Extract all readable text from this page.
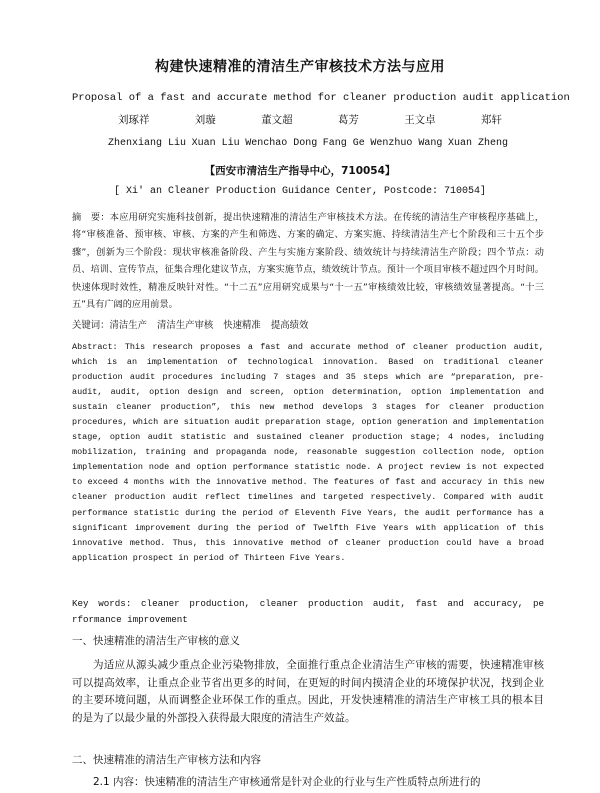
构建快速精准的清洁生产审核技术方法与应用
Proposal of a fast and accurate method for cleaner production audit application
刘琢祥	刘璇	董文超	葛芳	王文卓	郑轩
Zhenxiang Liu Xuan Liu Wenchao Dong Fang Ge Wenzhuo Wang Xuan Zheng
【西安市清洁生产指导中心，710054】
[ Xi' an Cleaner Production Guidance Center, Postcode: 710054]

摘　要：本应用研究实施科技创新，提出快速精准的清洁生产审核技术方法。在传统的清洁生产审核程序基础上，将“审核准备、预审核、审核、方案的产生和筛选、方案的确定、方案实施、持续清洁生产七个阶段和三十五个步骤”，创新为三个阶段：现状审核准备阶段、产生与实施方案阶段、绩效统计与持续清洁生产阶段；四个节点：动员、培训、宣传节点，征集合理化建议节点，方案实施节点，绩效统计节点。预计一个项目审核不超过四个月时间。快速体现时效性，精准反映针对性。“十二五”应用研究成果与“十一五”审核绩效比较，审核绩效显著提高。“十三五”具有广阔的应用前景。

关键词：清洁生产 清洁生产审核 快速精准 提高绩效

Abstract: This research proposes a fast and accurate method of cleaner production audit, which is an implementation of technological innovation. Based on traditional cleaner production audit procedures including 7 stages and 35 steps which are “preparation, pre-audit, audit, option design and screen, option determination, option implementation and sustain cleaner production”, this new method develops 3 stages for cleaner production procedures, which are situation audit preparation stage, option generation and implementation stage, option audit statistic and sustained cleaner production stage; 4 nodes, including mobilization, training and propaganda node, reasonable suggestion collection node, option implementation node and option performance statistic node. A project review is not expected to exceed 4 months with the innovative method. The features of fast and accuracy in this new cleaner production audit reflect timelines and targeted respectively. Compared with audit performance statistic during the period of Eleventh Five Years, the audit performance has a significant improvement during the period of Twelfth Five Years with application of this innovative method. Thus, this innovative method of cleaner production could have a broad application prospect in period of Thirteen Five Years.

Key words: cleaner production, cleaner production audit, fast and accuracy, pe rformance improvement

一、快速精准的清洁生产审核的意义

为适应从源头减少重点企业污染物排放，全面推行重点企业清洁生产审核的需要，快速精准审核可以提高效率，让重点企业节省出更多的时间，在更短的时间内摸清企业的环境保护状况，找到企业的主要环境问题，从而调整企业环保工作的重点。因此，开发快速精准的清洁生产审核工具的根本目的是为了以最少量的外部投入获得最大限度的清洁生产效益。

二、快速精准的清洁生产审核方法和内容
2.1 内容：快速精准的清洁生产审核通常是针对企业的行业与生产性质特点所进行的
